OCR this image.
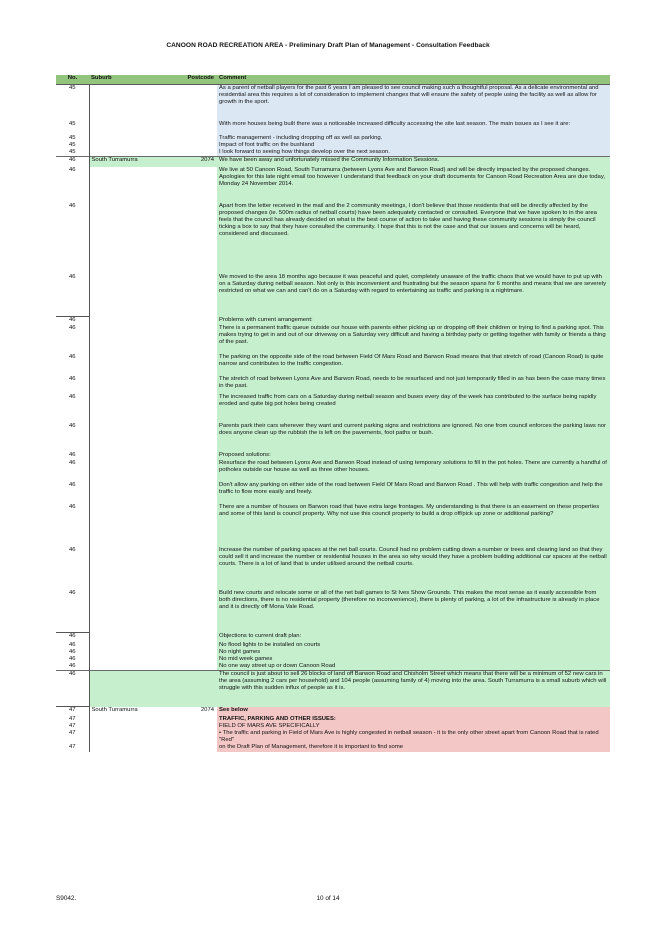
CANOON ROAD RECREATION AREA - Preliminary Draft Plan of Management - Consultation Feedback
No.	Suburb	Postcode	Comment
45			As a parent of netball players for the past 6 years I am pleased to see council making such a thoughtful proposal. As a delicate environmental and residential area this requires a lot of consideration to implement changes that will ensure the safety of people using the facility as well as allow for growth in the sport.
45			With more houses being built there was a noticeable increased difficulty accessing the site last season. The main issues as I see it are:
45			Traffic management - including dropping off as well as parking.
45			Impact of foot traffic on the bushland
45			I look forward to seeing how things develop over the next season.
46	South Turramurra	2074	We have been away and unfortunately missed the Community Information Sessions.
46			We live at 50 Canoon Road, South Turramurra (between Lyons Ave and Barwon Road) and will be directly impacted by the proposed changes. Apologies for this late night email too however I understand that feedback on your draft documents for Canoon Road Recreation Area are due today, Monday 24 November 2014.
46			Apart from the letter received in the mail and the 2 community meetings, I don't believe that those residents that will be directly affected by the proposed changes (ie. 500m radius of netball courts) have been adequately contacted or consulted. Everyone that we have spoken to in the area feels that the council has already decided on what is the best course of action to take and having these community sessions is simply the council ticking a box to say that they have consulted the community. I hope that this is not the case and that our issues and concerns will be heard, considered and discussed.
46			We moved to the area 18 months ago because it was peaceful and quiet, completely unaware of the traffic chaos that we would have to put up with on a Saturday during netball season. Not only is this inconvenient and frustrating but the season spans for 6 months and means that we are severely restricted on what we can and can't do on a Saturday with regard to entertaining as traffic and parking is a nightmare.
46			Problems with current arrangement:
46			There is a permanent traffic queue outside our house with parents either picking up or dropping off their children or trying to find a parking spot. This makes trying to get in and out of our driveway on a Saturday very difficult and having a birthday party or getting together with family or friends a thing of the past.
46			The parking on the opposite side of the road between Field Of Mars Road and Barwon Road means that that stretch of road (Canoon Road) is quite narrow and contributes to the traffic congestion.
46			The stretch of road between Lyons Ave and Barwon Road, needs to be resurfaced and not just temporarily filled in as has been the case many times in the past.
46			The increased traffic from cars on a Saturday during netball season and buses every day of the week has contributed to the surface being rapidly eroded and quite big pot holes being created
46			Parents park their cars wherever they want and current parking signs and restrictions are ignored. No one from council enforces the parking laws nor does anyone clean up the rubbish the is left on the pavements, foot paths or bush.
46			Proposed solutions:
46			Resurface the road between Lyons Ave and Barwon Road instead of using temporary solutions to fill in the pot holes. There are currently a handful of potholes outside our house as well as three other houses.
46			Don't allow any parking on either side of the road between Field Of Mars Road and Barwon Road . This will help with traffic congestion and help the traffic to flow more easily and freely.
46			There are a number of houses on Barwon road that have extra large frontages. My understanding is that there is an easement on these properties and some of this land is council property. Why not use this council property to build a drop off/pick up zone or additional parking?
46			Increase the number of parking spaces at the net ball courts. Council had no problem cutting down a number or trees and clearing land so that they could sell it and increase the number or residential houses in the area so why would they have a problem building additional car spaces at the netball courts. There is a lot of land that is under utilised around the netball courts.
46			Build new courts and relocate some or all of the net ball games to St Ives Show Grounds. This makes the most sense as it easily accessible from both directions, there is no residential property (therefore no inconvenience), there is plenty of parking, a lot of the infrastructure is already in place and it is directly off Mona Vale Road.
46			Objections to current draft plan:
46			No flood lights to be installed on courts
46			No night games
46			No mid week games
46			No one way street up or down Canoon Road
46			The council is just about to sell 26 blocks of land off Barwon Road and Chisholm Street which means that there will be a minimum of 52 new cars in the area (assuming 2 cars per household) and 104 people (assuming family of 4) moving into the area. South Turramurra is a small suburb which will struggle with this sudden influx of people as it is.
47	South Turramurra	2074	See below
47			TRAFFIC, PARKING AND OTHER ISSUES:
47			FIELD OF MARS AVE SPECIFICALLY
47			• The traffic and parking in Field of Mars Ave is highly congested in netball season - it is the only other street apart from Canoon Road that is rated "Red"
47			on the Draft Plan of Management, therefore it is important to find some
S9042.	10 of 14
